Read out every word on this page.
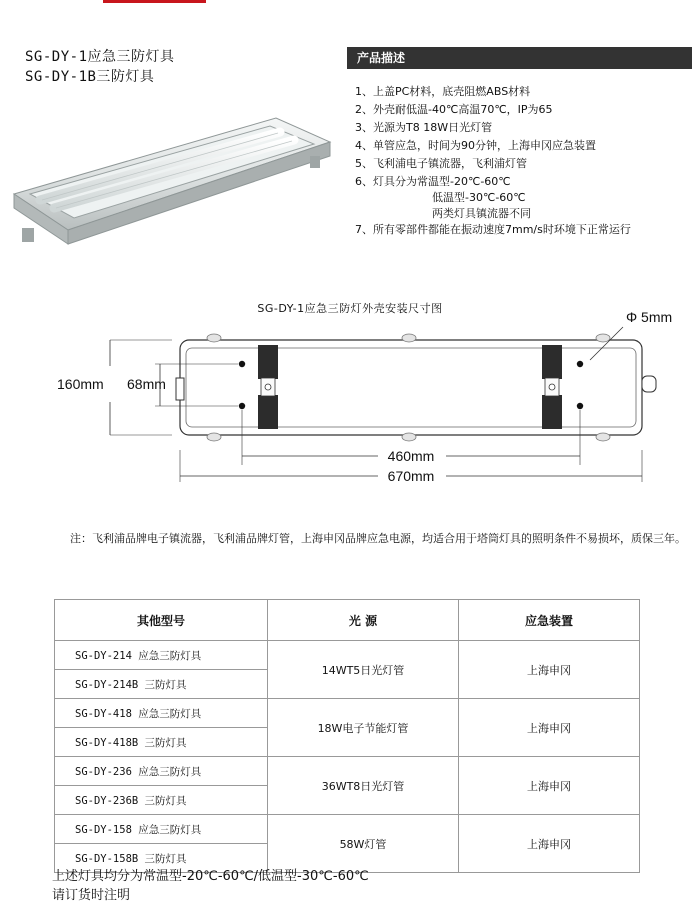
SG-DY-1应急三防灯具
SG-DY-1B三防灯具
产品描述
1、上盖PC材料，底壳阻燃ABS材料
2、外壳耐低温-40℃高温70℃，IP为65
3、光源为T8 18W日光灯管
4、单管应急，时间为90分钟，上海申冈应急装置
5、飞利浦电子镇流器，飞利浦灯管
6、灯具分为常温型-20℃-60℃
低温型-30℃-60℃
两类灯具镇流器不同
7、所有零部件都能在振动速度7mm/s时环境下正常运行
SG-DY-1应急三防灯外壳安装尺寸图
Φ 5mm
160mm 68mm
460mm
670mm
注：飞利浦品牌电子镇流器，飞利浦品牌灯管，上海申冈品牌应急电源，均适合用于塔筒灯具的照明条件不易损坏，质保三年。
其他型号	光 源	应急装置
SG-DY-214 应急三防灯具	14WT5日光灯管	上海申冈
SG-DY-214B 三防灯具		
SG-DY-418 应急三防灯具	18W电子节能灯管	上海申冈
SG-DY-418B 三防灯具		
SG-DY-236 应急三防灯具	36WT8日光灯管	上海申冈
SG-DY-236B 三防灯具		
SG-DY-158 应急三防灯具	58W灯管	上海申冈
SG-DY-158B 三防灯具		
上述灯具均分为常温型-20℃-60℃/低温型-30℃-60℃
请订货时注明
